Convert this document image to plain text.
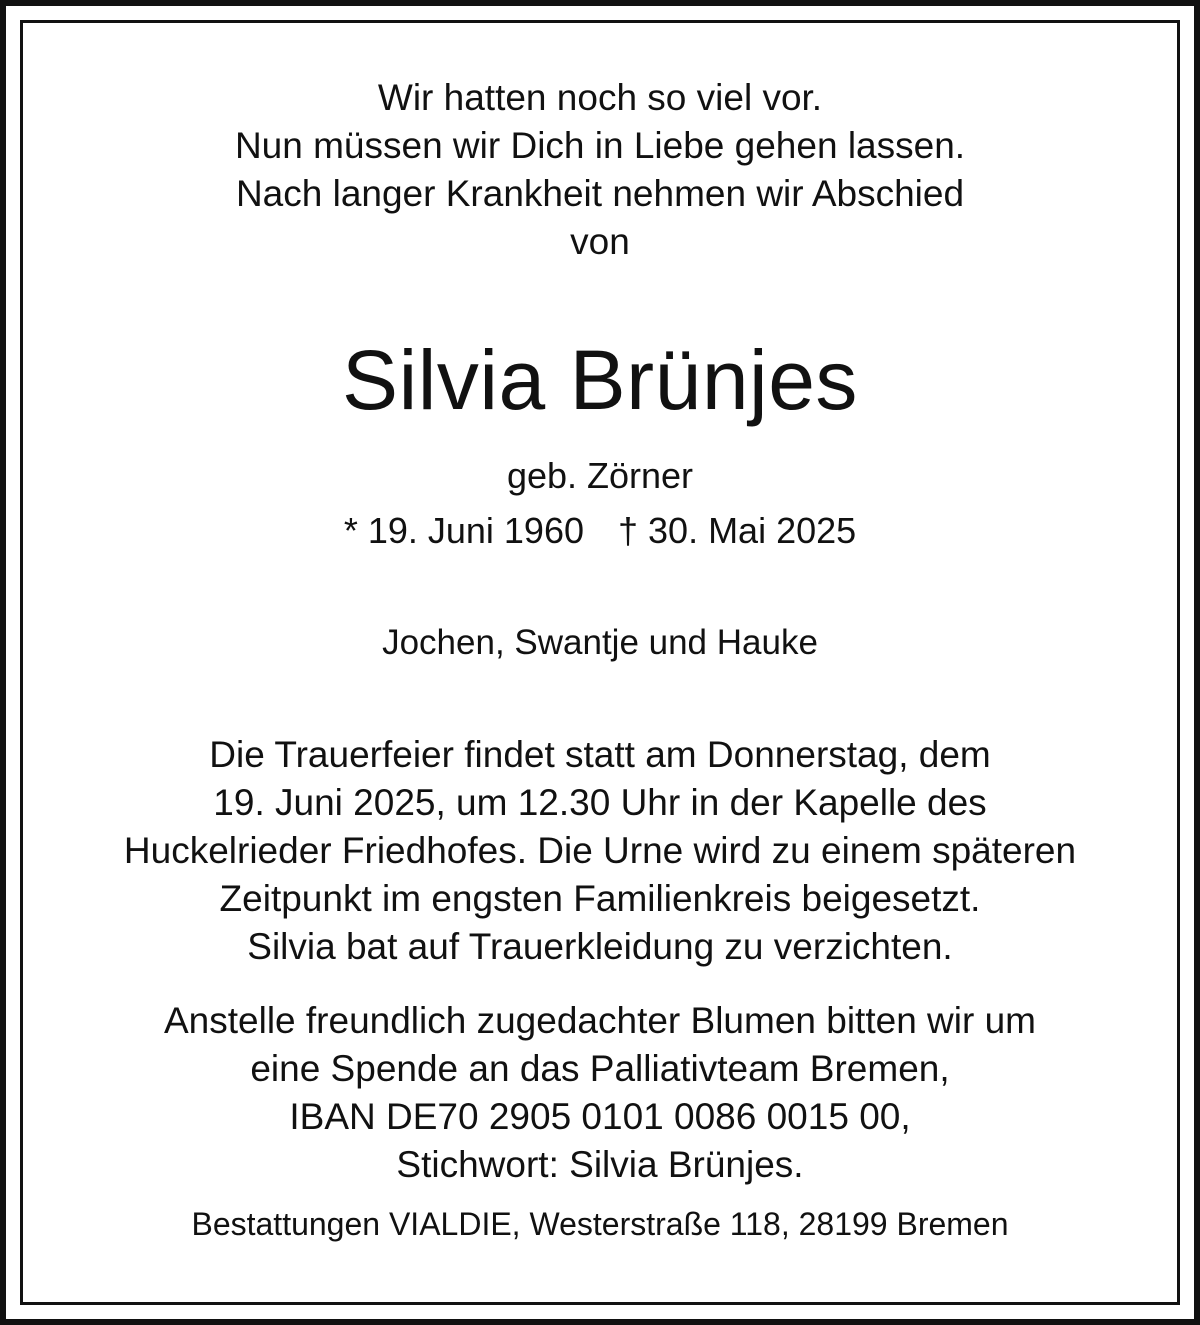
Wir hatten noch so viel vor.
Nun müssen wir Dich in Liebe gehen lassen.
Nach langer Krankheit nehmen wir Abschied
von
Silvia Brünjes
geb. Zörner
* 19. Juni 1960 † 30. Mai 2025
Jochen, Swantje und Hauke
Die Trauerfeier findet statt am Donnerstag, dem
19. Juni 2025, um 12.30 Uhr in der Kapelle des
Huckelrieder Friedhofes. Die Urne wird zu einem späteren
Zeitpunkt im engsten Familienkreis beigesetzt.
Silvia bat auf Trauerkleidung zu verzichten.
Anstelle freundlich zugedachter Blumen bitten wir um
eine Spende an das Palliativteam Bremen,
IBAN DE70 2905 0101 0086 0015 00,
Stichwort: Silvia Brünjes.
Bestattungen VIALDIE, Westerstraße 118, 28199 Bremen
